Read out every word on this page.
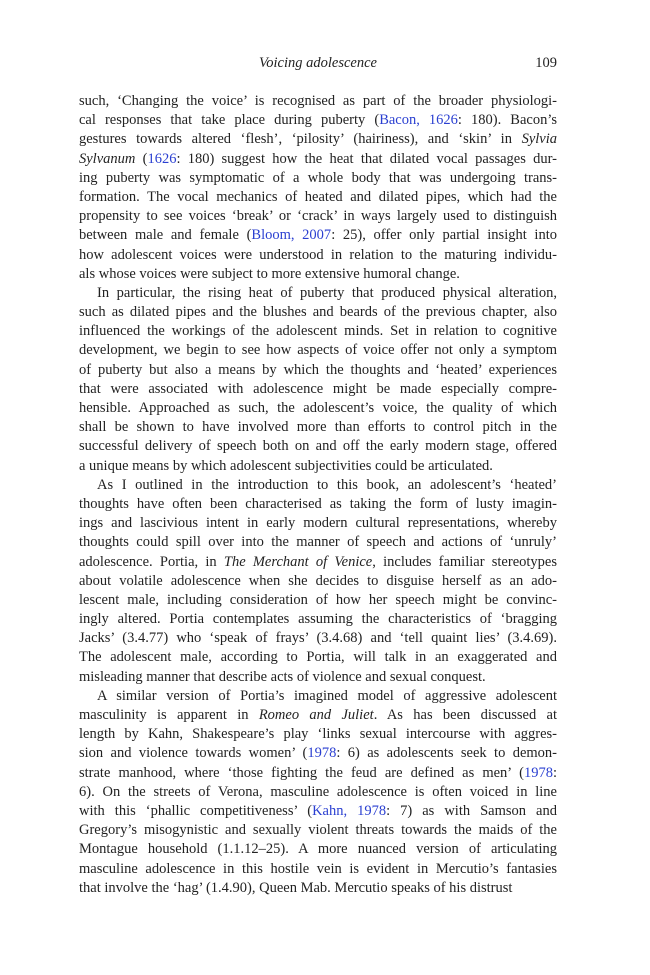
Voicing adolescence	109
such, ‘Changing the voice’ is recognised as part of the broader physiologi-
cal responses that take place during puberty (Bacon, 1626: 180). Bacon’s
gestures towards altered ‘flesh’, ‘pilosity’ (hairiness), and ‘skin’ in Sylvia
Sylvanum (1626: 180) suggest how the heat that dilated vocal passages dur-
ing puberty was symptomatic of a whole body that was undergoing trans-
formation. The vocal mechanics of heated and dilated pipes, which had the
propensity to see voices ‘break’ or ‘crack’ in ways largely used to distinguish
between male and female (Bloom, 2007: 25), offer only partial insight into
how adolescent voices were understood in relation to the maturing individu-
als whose voices were subject to more extensive humoral change.
In particular, the rising heat of puberty that produced physical alteration,
such as dilated pipes and the blushes and beards of the previous chapter, also
influenced the workings of the adolescent minds. Set in relation to cognitive
development, we begin to see how aspects of voice offer not only a symptom
of puberty but also a means by which the thoughts and ‘heated’ experiences
that were associated with adolescence might be made especially compre-
hensible. Approached as such, the adolescent’s voice, the quality of which
shall be shown to have involved more than efforts to control pitch in the
successful delivery of speech both on and off the early modern stage, offered
a unique means by which adolescent subjectivities could be articulated.
As I outlined in the introduction to this book, an adolescent’s ‘heated’
thoughts have often been characterised as taking the form of lusty imagin-
ings and lascivious intent in early modern cultural representations, whereby
thoughts could spill over into the manner of speech and actions of ‘unruly’
adolescence. Portia, in The Merchant of Venice, includes familiar stereotypes
about volatile adolescence when she decides to disguise herself as an ado-
lescent male, including consideration of how her speech might be convinc-
ingly altered. Portia contemplates assuming the characteristics of ‘bragging
Jacks’ (3.4.77) who ‘speak of frays’ (3.4.68) and ‘tell quaint lies’ (3.4.69).
The adolescent male, according to Portia, will talk in an exaggerated and
misleading manner that describe acts of violence and sexual conquest.
A similar version of Portia’s imagined model of aggressive adolescent
masculinity is apparent in Romeo and Juliet. As has been discussed at
length by Kahn, Shakespeare’s play ‘links sexual intercourse with aggres-
sion and violence towards women’ (1978: 6) as adolescents seek to demon-
strate manhood, where ‘those fighting the feud are defined as men’ (1978:
6). On the streets of Verona, masculine adolescence is often voiced in line
with this ‘phallic competitiveness’ (Kahn, 1978: 7) as with Samson and
Gregory’s misogynistic and sexually violent threats towards the maids of the
Montague household (1.1.12–25). A more nuanced version of articulating
masculine adolescence in this hostile vein is evident in Mercutio’s fantasies
that involve the ‘hag’ (1.4.90), Queen Mab. Mercutio speaks of his distrust
